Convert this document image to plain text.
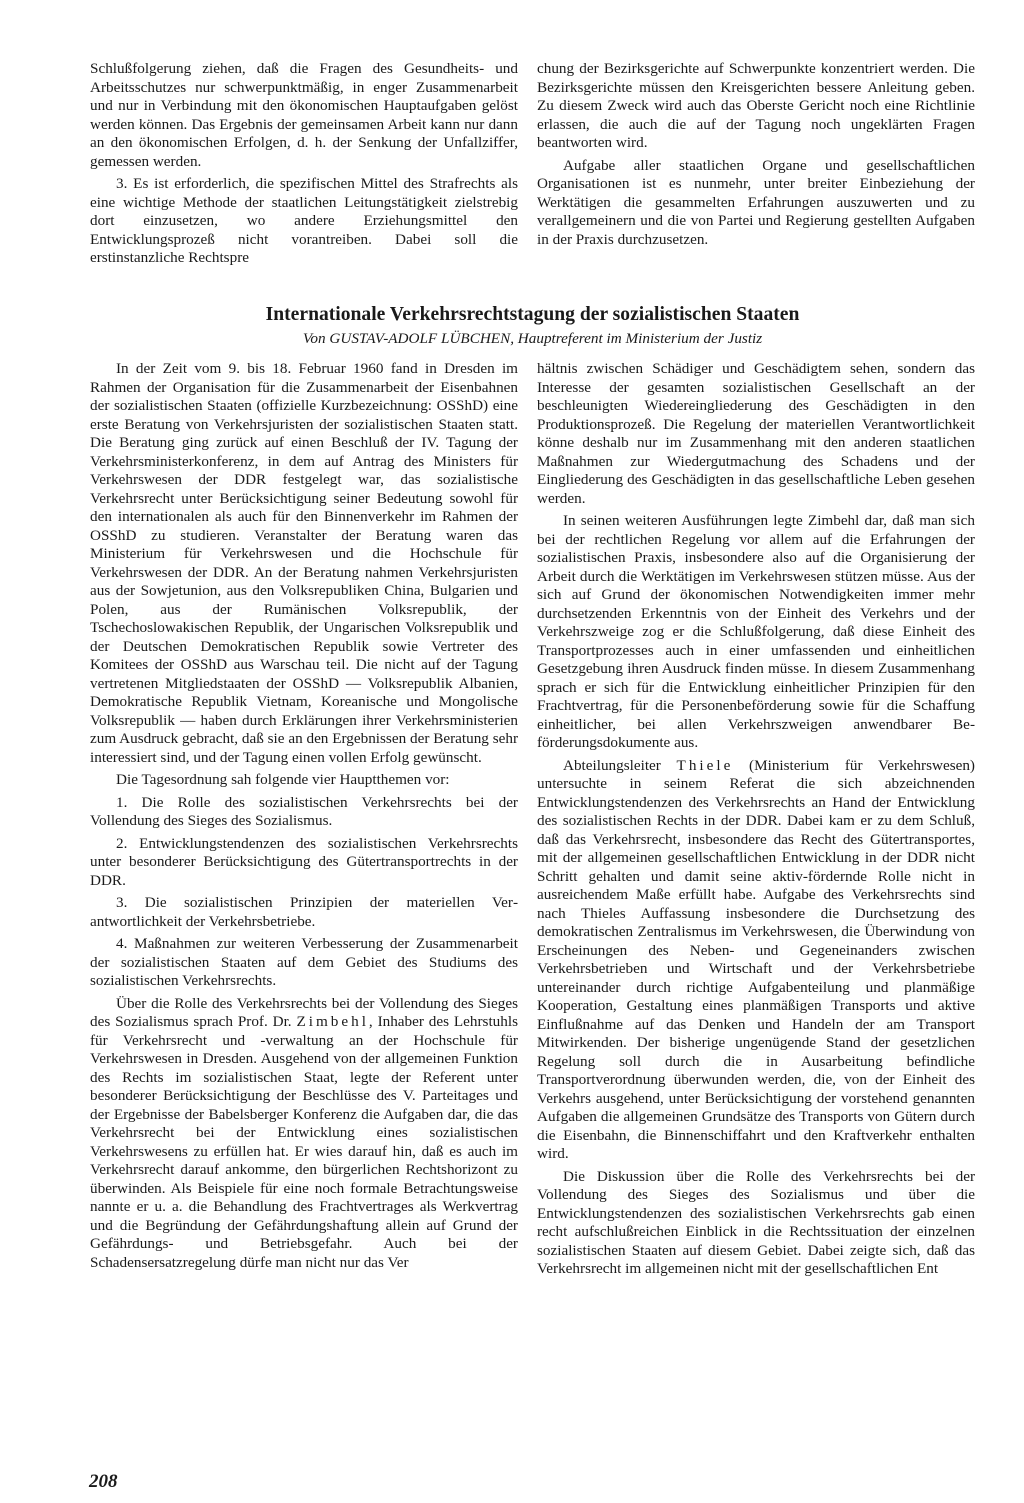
Schlußfolgerung ziehen, daß die Fragen des Gesundheits- und Arbeitsschutzes nur schwerpunktmäßig, in enger Zusammenarbeit und nur in Verbindung mit den ökonomischen Hauptaufgaben gelöst werden können. Das Ergebnis der gemeinsamen Arbeit kann nur dann an den ökonomischen Erfolgen, d. h. der Senkung der Unfallziffer, gemessen werden.

3. Es ist erforderlich, die spezifischen Mittel des Strafrechts als eine wichtige Methode der staatlichen Leitungstätigkeit zielstrebig dort einzusetzen, wo andere Erziehungsmittel den Entwicklungsprozeß nicht vorantreiben. Dabei soll die erstinstanzliche Rechtspre

chung der Bezirksgerichte auf Schwerpunkte konzentriert werden. Die Bezirksgerichte müssen den Kreisgerichten bessere Anleitung geben. Zu diesem Zweck wird auch das Oberste Gericht noch eine Richtlinie erlassen, die auch die auf der Tagung noch ungeklärten Fragen beantworten wird.

Aufgabe aller staatlichen Organe und gesellschaftlichen Organisationen ist es nunmehr, unter breiter Einbeziehung der Werktätigen die gesammelten Erfahrungen auszuwerten und zu verallgemeinern und die von Partei und Regierung gestellten Aufgaben in der Praxis durchzusetzen.

Internationale Verkehrsrechtstagung der sozialistischen Staaten
Von GUSTAV-ADOLF LÜBCHEN, Hauptreferent im Ministerium der Justiz

In der Zeit vom 9. bis 18. Februar 1960 fand in Dresden im Rahmen der Organisation für die Zusammenarbeit der Eisenbahnen der sozialistischen Staaten (offizielle Kurzbezeichnung: OSShD) eine erste Beratung von Verkehrsjuristen der sozialistischen Staaten statt. Die Beratung ging zurück auf einen Beschluß der IV. Tagung der Verkehrsministerkonferenz, in dem auf Antrag des Ministers für Verkehrswesen der DDR festgelegt war, das sozialistische Verkehrsrecht unter Berücksichtigung seiner Bedeutung sowohl für den internationalen als auch für den Binnenverkehr im Rahmen der OSShD zu studieren. Veranstalter der Beratung waren das Ministerium für Verkehrswesen und die Hochschule für Verkehrswesen der DDR. An der Beratung nahmen Verkehrsjuristen aus der Sowjetunion, aus den Volksrepubliken China, Bulgarien und Polen, aus der Rumänischen Volksrepublik, der Tschechoslowakischen Republik, der Ungarischen Volksrepublik und der Deutschen Demokratischen Republik sowie Vertreter des Komitees der OSShD aus Warschau teil. Die nicht auf der Tagung vertretenen Mitgliedstaaten der OSShD — Volksrepublik Albanien, Demokratische Republik Vietnam, Koreanische und Mongolische Volksrepublik — haben durch Erklärungen ihrer Verkehrsministerien zum Ausdruck gebracht, daß sie an den Ergebnissen der Beratung sehr interessiert sind, und der Tagung einen vollen Erfolg gewünscht.

Die Tagesordnung sah folgende vier Hauptthemen vor:

1. Die Rolle des sozialistischen Verkehrsrechts bei der Vollendung des Sieges des Sozialismus.

2. Entwicklungstendenzen des sozialistischen Verkehrsrechts unter besonderer Berücksichtigung des Gütertransportrechts in der DDR.

3. Die sozialistischen Prinzipien der materiellen Verantwortlichkeit der Verkehrsbetriebe.

4. Maßnahmen zur weiteren Verbesserung der Zusammenarbeit der sozialistischen Staaten auf dem Gebiet des Studiums des sozialistischen Verkehrsrechts.

Über die Rolle des Verkehrsrechts bei der Vollendung des Sieges des Sozialismus sprach Prof. Dr. Zimbehl, Inhaber des Lehrstuhls für Verkehrsrecht und -verwaltung an der Hochschule für Verkehrswesen in Dresden. Ausgehend von der allgemeinen Funktion des Rechts im sozialistischen Staat, legte der Referent unter besonderer Berücksichtigung der Beschlüsse des V. Parteitages und der Ergebnisse der Babelsberger Konferenz die Aufgaben dar, die das Verkehrsrecht bei der Entwicklung eines sozialistischen Verkehrswesens zu erfüllen hat. Er wies darauf hin, daß es auch im Verkehrsrecht darauf ankomme, den bürgerlichen Rechtshorizont zu überwinden. Als Beispiele für eine noch formale Betrachtungsweise nannte er u. a. die Behandlung des Frachtvertrages als Werkvertrag und die Begründung der Gefährdungshaftung allein auf Grund der Gefährdungs- und Betriebsgefahr. Auch bei der Schadensersatzregelung dürfe man nicht nur das Ver

hältnis zwischen Schädiger und Geschädigtem sehen, sondern das Interesse der gesamten sozialistischen Gesellschaft an der beschleunigten Wiedereingliederung des Geschädigten in den Produktionsprozeß. Die Regelung der materiellen Verantwortlichkeit könne deshalb nur im Zusammenhang mit den anderen staatlichen Maßnahmen zur Wiedergutmachung des Schadens und der Eingliederung des Geschädigten in das gesellschaftliche Leben gesehen werden.

In seinen weiteren Ausführungen legte Zimbehl dar, daß man sich bei der rechtlichen Regelung vor allem auf die Erfahrungen der sozialistischen Praxis, insbesondere also auf die Organisierung der Arbeit durch die Werktätigen im Verkehrswesen stützen müsse. Aus der sich auf Grund der ökonomischen Notwendigkeiten immer mehr durchsetzenden Erkenntnis von der Einheit des Verkehrs und der Verkehrszweige zog er die Schlußfolgerung, daß diese Einheit des Transportprozesses auch in einer umfassenden und einheitlichen Gesetzgebung ihren Ausdruck finden müsse. In diesem Zusammenhang sprach er sich für die Entwicklung einheitlicher Prinzipien für den Frachtvertrag, für die Personenbeförderung sowie für die Schaffung einheitlicher, bei allen Verkehrszweigen anwendbarer Beförderungsdokumente aus.

Abteilungsleiter Thiele (Ministerium für Verkehrswesen) untersuchte in seinem Referat die sich abzeichnenden Entwicklungstendenzen des Verkehrsrechts an Hand der Entwicklung des sozialistischen Rechts in der DDR. Dabei kam er zu dem Schluß, daß das Verkehrsrecht, insbesondere das Recht des Gütertransportes, mit der allgemeinen gesellschaftlichen Entwicklung in der DDR nicht Schritt gehalten und damit seine aktiv-fördernde Rolle nicht in ausreichendem Maße erfüllt habe. Aufgabe des Verkehrsrechts sind nach Thieles Auffassung insbesondere die Durchsetzung des demokratischen Zentralismus im Verkehrswesen, die Überwindung von Erscheinungen des Neben- und Gegeneinanders zwischen Verkehrsbetrieben und Wirtschaft und der Verkehrsbetriebe untereinander durch richtige Aufgabenteilung und planmäßige Kooperation, Gestaltung eines planmäßigen Transports und aktive Einflußnahme auf das Denken und Handeln der am Transport Mitwirkenden. Der bisherige ungenügende Stand der gesetzlichen Regelung soll durch die in Ausarbeitung befindliche Transportverordnung überwunden werden, die, von der Einheit des Verkehrs ausgehend, unter Berücksichtigung der vorstehend genannten Aufgaben die allgemeinen Grundsätze des Transports von Gütern durch die Eisenbahn, die Binnenschiffahrt und den Kraftverkehr enthalten wird.

Die Diskussion über die Rolle des Verkehrsrechts bei der Vollendung des Sieges des Sozialismus und über die Entwicklungstendenzen des sozialistischen Verkehrsrechts gab einen recht aufschlußreichen Einblick in die Rechtssituation der einzelnen sozialistischen Staaten auf diesem Gebiet. Dabei zeigte sich, daß das Verkehrsrecht im allgemeinen nicht mit der gesellschaftlichen Ent

208
